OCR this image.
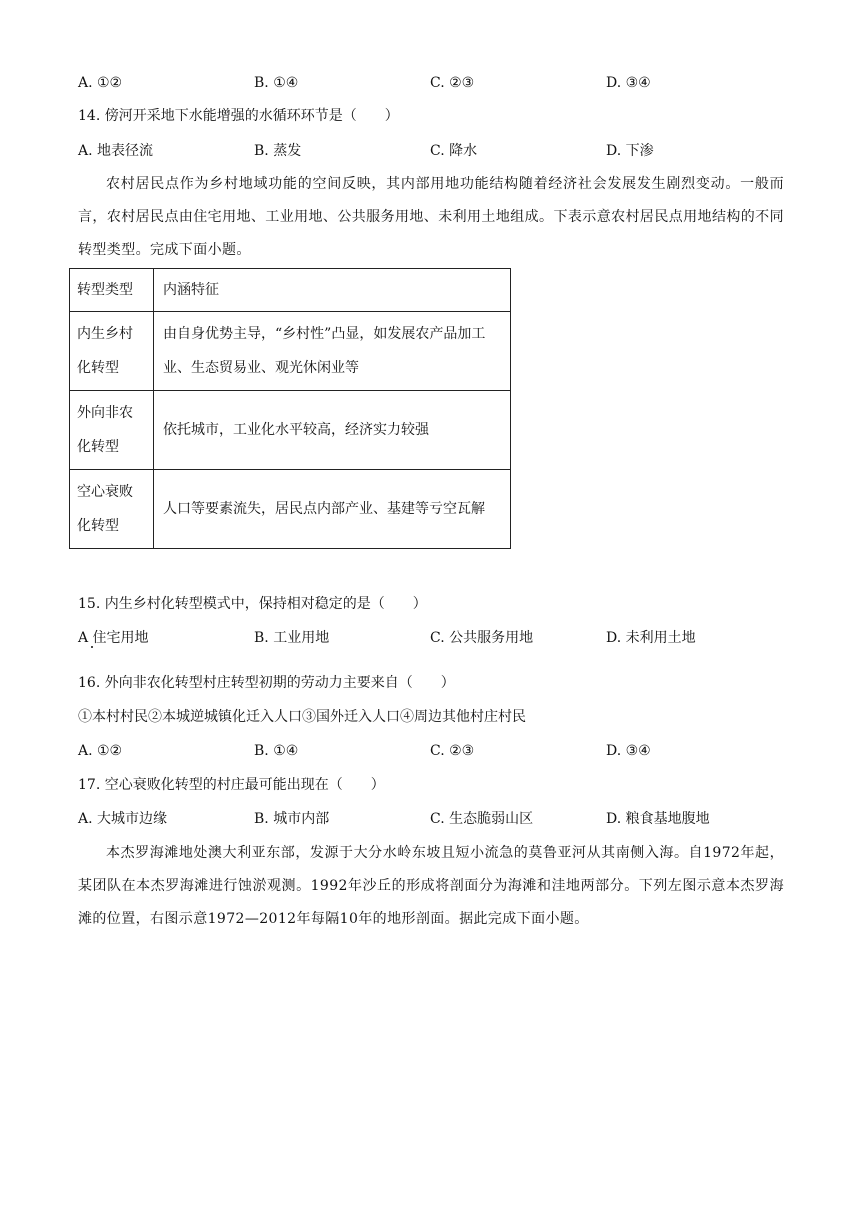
A. ①②	B. ①④	C. ②③	D. ③④
14. 傍河开采地下水能增强的水循环环节是（　　）
A. 地表径流	B. 蒸发	C. 降水	D. 下渗
农村居民点作为乡村地域功能的空间反映，其内部用地功能结构随着经济社会发展发生剧烈变动。一般而言，农村居民点由住宅用地、工业用地、公共服务用地、未利用土地组成。下表示意农村居民点用地结构的不同转型类型。完成下面小题。
转型类型	内涵特征
内生乡村化转型	由自身优势主导，“乡村性”凸显，如发展农产品加工业、生态贸易业、观光休闲业等
外向非农化转型	依托城市，工业化水平较高，经济实力较强
空心衰败化转型	人口等要素流失，居民点内部产业、基建等亏空瓦解
15. 内生乡村化转型模式中，保持相对稳定的是（　　）
A 住宅用地	B. 工业用地	C. 公共服务用地	D. 未利用土地
16. 外向非农化转型村庄转型初期的劳动力主要来自（　　）
①本村村民②本城逆城镇化迁入人口③国外迁入人口④周边其他村庄村民
A. ①②	B. ①④	C. ②③	D. ③④
17. 空心衰败化转型的村庄最可能出现在（　　）
A. 大城市边缘	B. 城市内部	C. 生态脆弱山区	D. 粮食基地腹地
本杰罗海滩地处澳大利亚东部，发源于大分水岭东坡且短小流急的莫鲁亚河从其南侧入海。自1972年起，某团队在本杰罗海滩进行蚀淤观测。1992年沙丘的形成将剖面分为海滩和洼地两部分。下列左图示意本杰罗海滩的位置，右图示意1972—2012年每隔10年的地形剖面。据此完成下面小题。
